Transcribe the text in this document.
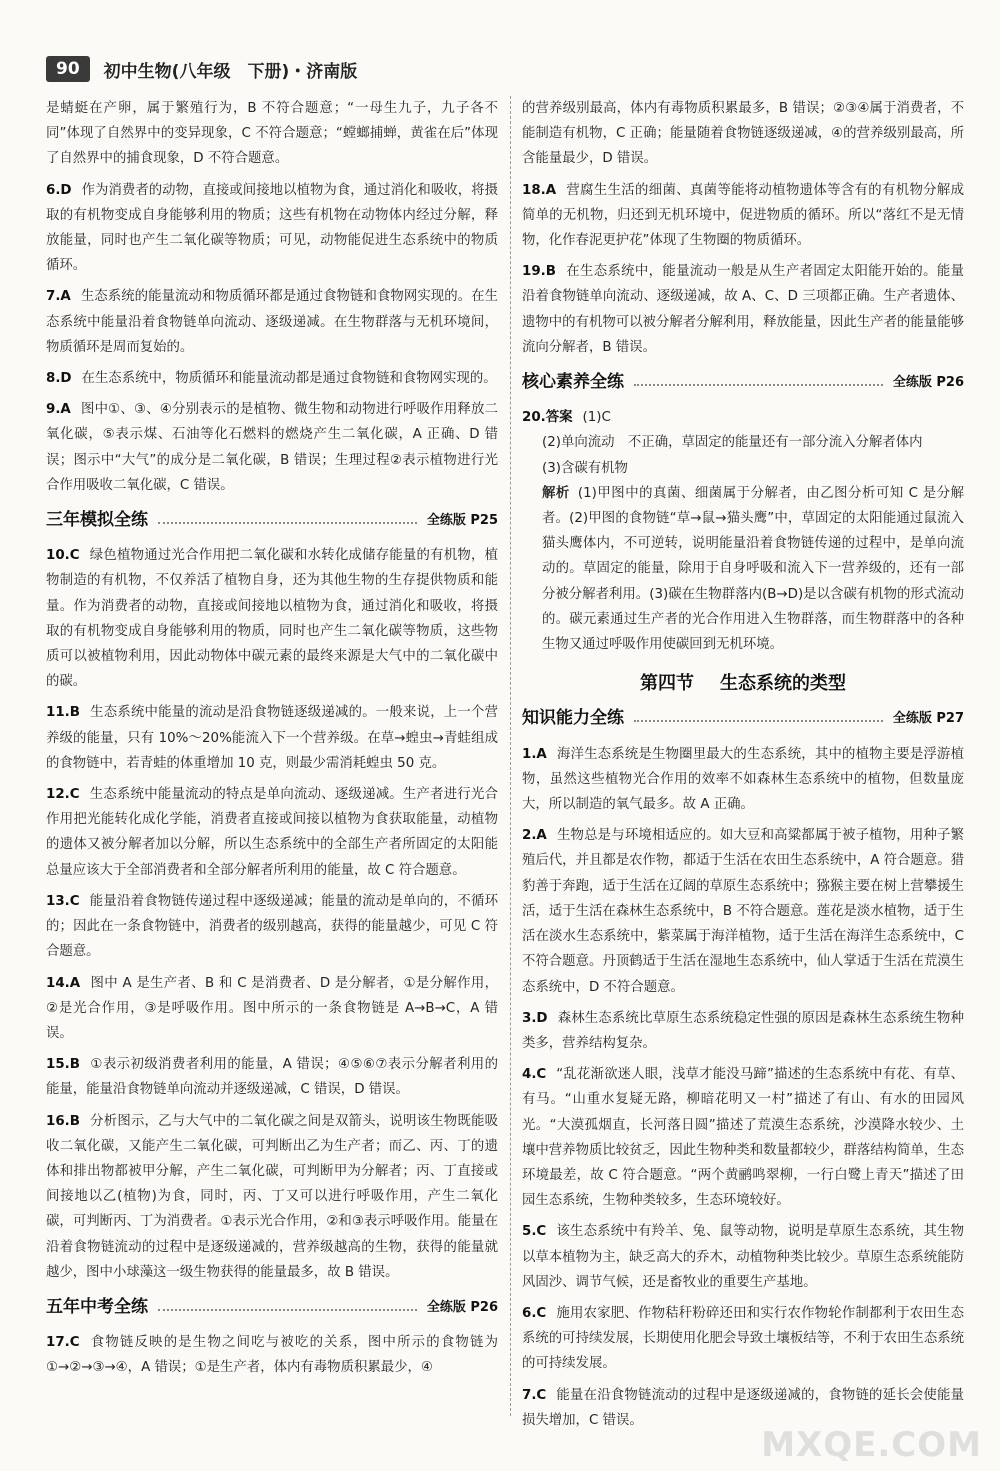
90	初中生物(八年级　下册)・济南版

是蜻蜓在产卵，属于繁殖行为，B 不符合题意；“一母生九子，九子各不同”体现了自然界中的变异现象，C 不符合题意；“螳螂捕蝉，黄雀在后”体现了自然界中的捕食现象，D 不符合题意。

6.D 作为消费者的动物，直接或间接地以植物为食，通过消化和吸收，将摄取的有机物变成自身能够利用的物质；这些有机物在动物体内经过分解，释放能量，同时也产生二氧化碳等物质；可见，动物能促进生态系统中的物质循环。

7.A 生态系统的能量流动和物质循环都是通过食物链和食物网实现的。在生态系统中能量沿着食物链单向流动、逐级递减。在生物群落与无机环境间，物质循环是周而复始的。

8.D 在生态系统中，物质循环和能量流动都是通过食物链和食物网实现的。

9.A 图中①、③、④分别表示的是植物、微生物和动物进行呼吸作用释放二氧化碳，⑤表示煤、石油等化石燃料的燃烧产生二氧化碳，A 正确、D 错误；图示中“大气”的成分是二氧化碳，B 错误；生理过程②表示植物进行光合作用吸收二氧化碳，C 错误。

三年模拟全练	全练版 P25

10.C 绿色植物通过光合作用把二氧化碳和水转化成储存能量的有机物，植物制造的有机物，不仅养活了植物自身，还为其他生物的生存提供物质和能量。作为消费者的动物，直接或间接地以植物为食，通过消化和吸收，将摄取的有机物变成自身能够利用的物质，同时也产生二氧化碳等物质，这些物质可以被植物利用，因此动物体中碳元素的最终来源是大气中的二氧化碳中的碳。

11.B 生态系统中能量的流动是沿食物链逐级递减的。一般来说，上一个营养级的能量，只有 10%～20%能流入下一个营养级。在草→蝗虫→青蛙组成的食物链中，若青蛙的体重增加 10 克，则最少需消耗蝗虫 50 克。

12.C 生态系统中能量流动的特点是单向流动、逐级递减。生产者进行光合作用把光能转化成化学能，消费者直接或间接以植物为食获取能量，动植物的遗体又被分解者加以分解，所以生态系统中的全部生产者所固定的太阳能总量应该大于全部消费者和全部分解者所利用的能量，故 C 符合题意。

13.C 能量沿着食物链传递过程中逐级递减；能量的流动是单向的，不循环的；因此在一条食物链中，消费者的级别越高，获得的能量越少，可见 C 符合题意。

14.A 图中 A 是生产者、B 和 C 是消费者、D 是分解者，①是分解作用，②是光合作用，③是呼吸作用。图中所示的一条食物链是 A→B→C，A 错误。

15.B ①表示初级消费者利用的能量，A 错误；④⑤⑥⑦表示分解者利用的能量，能量沿食物链单向流动并逐级递减，C 错误，D 错误。

16.B 分析图示，乙与大气中的二氧化碳之间是双箭头，说明该生物既能吸收二氧化碳，又能产生二氧化碳，可判断出乙为生产者；而乙、丙、丁的遗体和排出物都被甲分解，产生二氧化碳，可判断甲为分解者；丙、丁直接或间接地以乙(植物)为食，同时，丙、丁又可以进行呼吸作用，产生二氧化碳，可判断丙、丁为消费者。①表示光合作用，②和③表示呼吸作用。能量在沿着食物链流动的过程中是逐级递减的，营养级越高的生物，获得的能量就越少，图中小球藻这一级生物获得的能量最多，故 B 错误。

五年中考全练	全练版 P26

17.C 食物链反映的是生物之间吃与被吃的关系，图中所示的食物链为①→②→③→④，A 错误；①是生产者，体内有毒物质积累最少，④

的营养级别最高，体内有毒物质积累最多，B 错误；②③④属于消费者，不能制造有机物，C 正确；能量随着食物链逐级递减，④的营养级别最高，所含能量最少，D 错误。

18.A 营腐生生活的细菌、真菌等能将动植物遗体等含有的有机物分解成简单的无机物，归还到无机环境中，促进物质的循环。所以“落红不是无情物，化作春泥更护花”体现了生物圈的物质循环。

19.B 在生态系统中，能量流动一般是从生产者固定太阳能开始的。能量沿着食物链单向流动、逐级递减，故 A、C、D 三项都正确。生产者遗体、遗物中的有机物可以被分解者分解利用，释放能量，因此生产者的能量能够流向分解者，B 错误。

核心素养全练	全练版 P26

20.答案 (1)C

(2)单向流动　不正确，草固定的能量还有一部分流入分解者体内

(3)含碳有机物

解析 (1)甲图中的真菌、细菌属于分解者，由乙图分析可知 C 是分解者。(2)甲图的食物链“草→鼠→猫头鹰”中，草固定的太阳能通过鼠流入猫头鹰体内，不可逆转，说明能量沿着食物链传递的过程中，是单向流动的。草固定的能量，除用于自身呼吸和流入下一营养级的，还有一部分被分解者利用。(3)碳在生物群落内(B→D)是以含碳有机物的形式流动的。碳元素通过生产者的光合作用进入生物群落，而生物群落中的各种生物又通过呼吸作用使碳回到无机环境。
第四节 生态系统的类型
知识能力全练	全练版 P27

1.A 海洋生态系统是生物圈里最大的生态系统，其中的植物主要是浮游植物，虽然这些植物光合作用的效率不如森林生态系统中的植物，但数量庞大，所以制造的氧气最多。故 A 正确。

2.A 生物总是与环境相适应的。如大豆和高粱都属于被子植物，用种子繁殖后代，并且都是农作物，都适于生活在农田生态系统中，A 符合题意。猎豹善于奔跑，适于生活在辽阔的草原生态系统中；猕猴主要在树上营攀援生活，适于生活在森林生态系统中，B 不符合题意。莲花是淡水植物，适于生活在淡水生态系统中，紫菜属于海洋植物，适于生活在海洋生态系统中，C 不符合题意。丹顶鹤适于生活在湿地生态系统中，仙人掌适于生活在荒漠生态系统中，D 不符合题意。

3.D 森林生态系统比草原生态系统稳定性强的原因是森林生态系统生物种类多，营养结构复杂。

4.C “乱花渐欲迷人眼，浅草才能没马蹄”描述的生态系统中有花、有草、有马。“山重水复疑无路，柳暗花明又一村”描述了有山、有水的田园风光。“大漠孤烟直，长河落日圆”描述了荒漠生态系统，沙漠降水较少、土壤中营养物质比较贫乏，因此生物种类和数量都较少，群落结构简单，生态环境最差，故 C 符合题意。“两个黄鹂鸣翠柳，一行白鹭上青天”描述了田园生态系统，生物种类较多，生态环境较好。

5.C 该生态系统中有羚羊、兔、鼠等动物，说明是草原生态系统，其生物以草本植物为主，缺乏高大的乔木，动植物种类比较少。草原生态系统能防风固沙、调节气候，还是畜牧业的重要生产基地。

6.C 施用农家肥、作物秸秆粉碎还田和实行农作物轮作制都利于农田生态系统的可持续发展，长期使用化肥会导致土壤板结等，不利于农田生态系统的可持续发展。

7.C 能量在沿食物链流动的过程中是逐级递减的，食物链的延长会使能量损失增加，C 错误。

MXQE.COM
